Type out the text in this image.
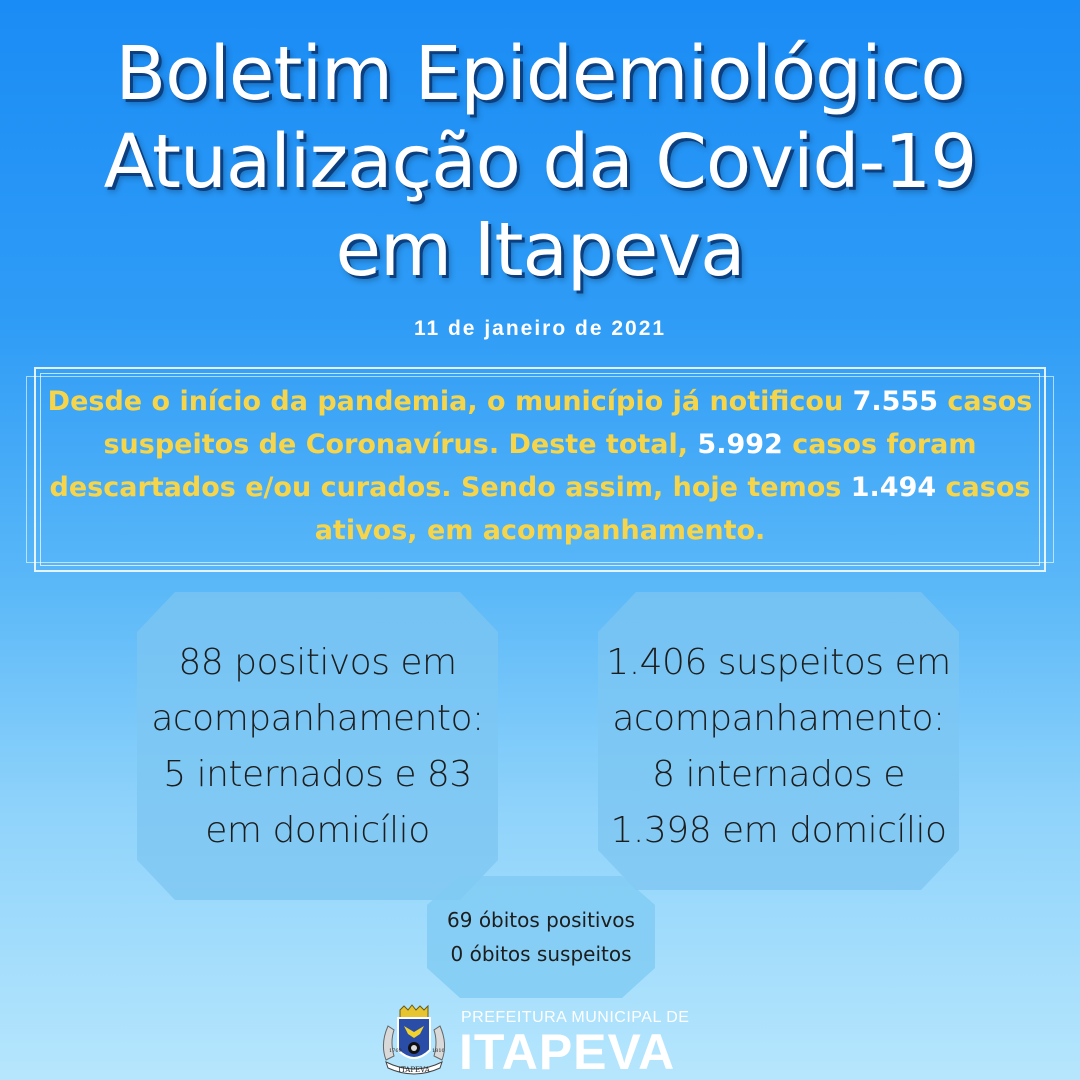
Boletim Epidemiológico
Atualização da Covid-19
em Itapeva
11 de janeiro de 2021
Desde o início da pandemia, o município já notificou 7.555 casos suspeitos de Coronavírus. Deste total, 5.992 casos foram descartados e/ou curados. Sendo assim, hoje temos 1.494 casos ativos, em acompanhamento.
88 positivos em
acompanhamento:
5 internados e 83
em domicílio
1.406 suspeitos em
acompanhamento:
8 internados e
1.398 em domicílio
69 óbitos positivos
0 óbitos suspeitos
ITAPEVA
1769	1810
PREFEITURA MUNICIPAL DE
ITAPEVA
